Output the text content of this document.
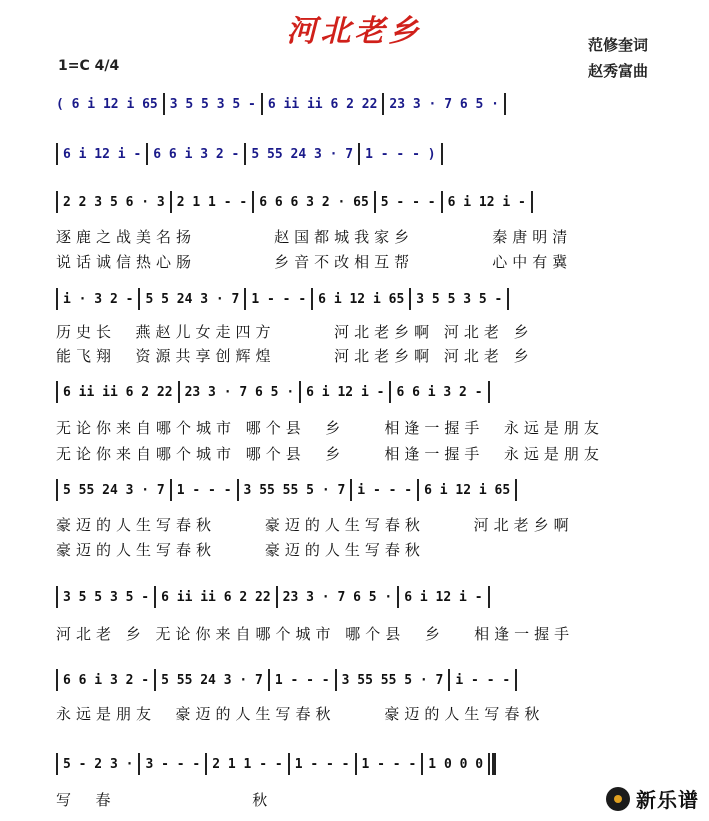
河北老乡	范修奎词
赵秀富曲
1=C 4/4
( 6 i 12 i 65 3 5 5 3 5 - 6 ii ii 6 2 22 23 3 · 7 6 5 ·
6 i 12 i - 6 6 i 3 2 - 5 55 24 3 · 7 1 - - - )
2 2 3 5 6 · 3 2 1 1 - - 6 6 6 3 2 · 65 5 - - - 6 i 12 i -
逐鹿之战美名扬        赵国都城我家乡        秦唐明清
说话诚信热心肠        乡音不改相互帮        心中有冀
i · 3 2 - 5 5 24 3 · 7 1 - - - 6 i 12 i 65 3 5 5 3 5 -
历史长  燕赵儿女走四方      河北老乡啊 河北老 乡
能飞翔  资源共享创辉煌      河北老乡啊 河北老 乡
6 ii ii 6 2 22 23 3 · 7 6 5 · 6 i 12 i - 6 6 i 3 2 -
无论你来自哪个城市 哪个县  乡    相逢一握手  永远是朋友
无论你来自哪个城市 哪个县  乡    相逢一握手  永远是朋友
5 55 24 3 · 7 1 - - - 3 55 55 5 · 7 i - - - 6 i 12 i 65
豪迈的人生写春秋     豪迈的人生写春秋     河北老乡啊
豪迈的人生写春秋     豪迈的人生写春秋
3 5 5 3 5 - 6 ii ii 6 2 22 23 3 · 7 6 5 · 6 i 12 i -
河北老 乡 无论你来自哪个城市 哪个县  乡   相逢一握手
6 6 i 3 2 - 5 55 24 3 · 7 1 - - - 3 55 55 5 · 7 i - - -
永远是朋友  豪迈的人生写春秋     豪迈的人生写春秋
5 - 2 3 · 3 - - - 2 1 1 - - 1 - - - 1 - - - 1 0 0 0
写  春              秋	新乐谱
